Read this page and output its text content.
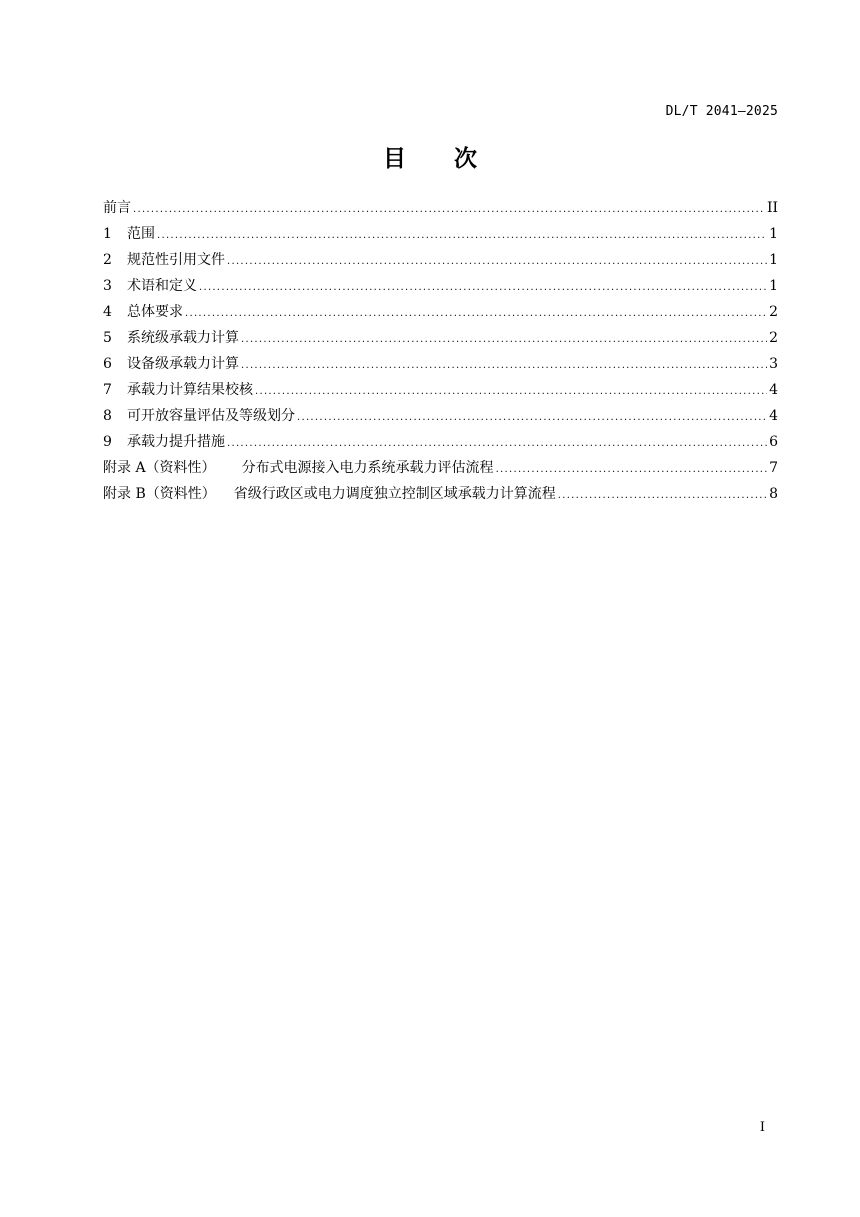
DL/T 2041—2025
目次
前言 .....	II
1 范围 .....	1
2 规范性引用文件 .....	1
3 术语和定义 .....	1
4 总体要求 .....	2
5 系统级承载力计算 .....	2
6 设备级承载力计算 .....	3
7 承载力计算结果校核 .....	4
8 可开放容量评估及等级划分 .....	4
9 承载力提升措施 .....	6
附录 A（资料性） 分布式电源接入电力系统承载力评估流程 .....	7
附录 B（资料性） 省级行政区或电力调度独立控制区域承载力计算流程 .....	8
I
